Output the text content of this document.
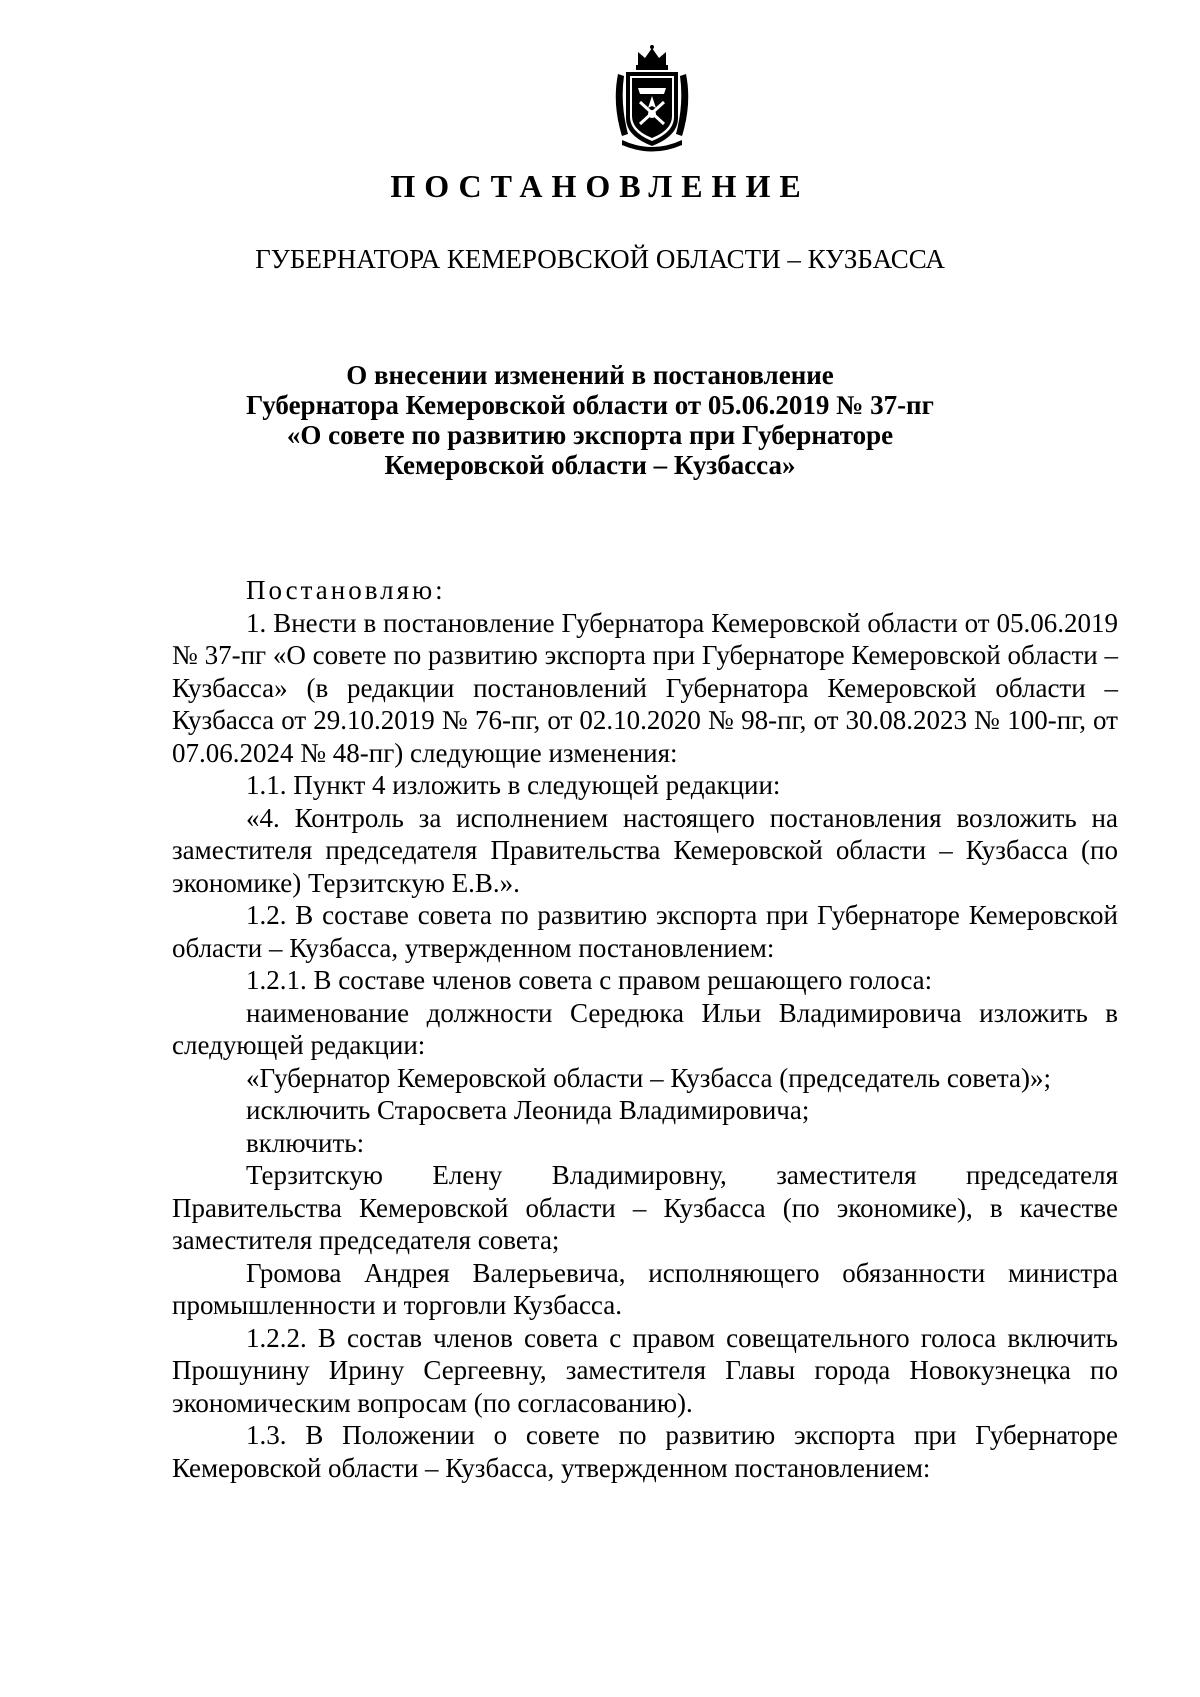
ПОСТАНОВЛЕНИЕ
ГУБЕРНАТОРА КЕМЕРОВСКОЙ ОБЛАСТИ – КУЗБАССА
О внесении изменений в постановление
Губернатора Кемеровской области от 05.06.2019 № 37-пг
«О совете по развитию экспорта при Губернаторе
Кемеровской области – Кузбасса»

Постановляю:

1. Внести в постановление Губернатора Кемеровской области от 05.06.2019 № 37-пг «О совете по развитию экспорта при Губернаторе Кемеровской области – Кузбасса» (в редакции постановлений Губернатора Кемеровской области – Кузбасса от 29.10.2019 № 76-пг, от 02.10.2020 № 98-пг, от 30.08.2023 № 100-пг, от 07.06.2024 № 48-пг) следующие изменения:

1.1. Пункт 4 изложить в следующей редакции:

«4. Контроль за исполнением настоящего постановления возложить на заместителя председателя Правительства Кемеровской области – Кузбасса (по экономике) Терзитскую Е.В.».

1.2. В составе совета по развитию экспорта при Губернаторе Кемеровской области – Кузбасса, утвержденном постановлением:

1.2.1. В составе членов совета с правом решающего голоса:

наименование должности Середюка Ильи Владимировича изложить в следующей редакции:

«Губернатор Кемеровской области – Кузбасса (председатель совета)»;

исключить Старосвета Леонида Владимировича;

включить:

Терзитскую Елену Владимировну, заместителя председателя Правительства Кемеровской области – Кузбасса (по экономике), в качестве заместителя председателя совета;

Громова Андрея Валерьевича, исполняющего обязанности министра промышленности и торговли Кузбасса.

1.2.2. В состав членов совета с правом совещательного голоса включить Прошунину Ирину Сергеевну, заместителя Главы города Новокузнецка по экономическим вопросам (по согласованию).

1.3. В Положении о совете по развитию экспорта при Губернаторе Кемеровской области – Кузбасса, утвержденном постановлением:
